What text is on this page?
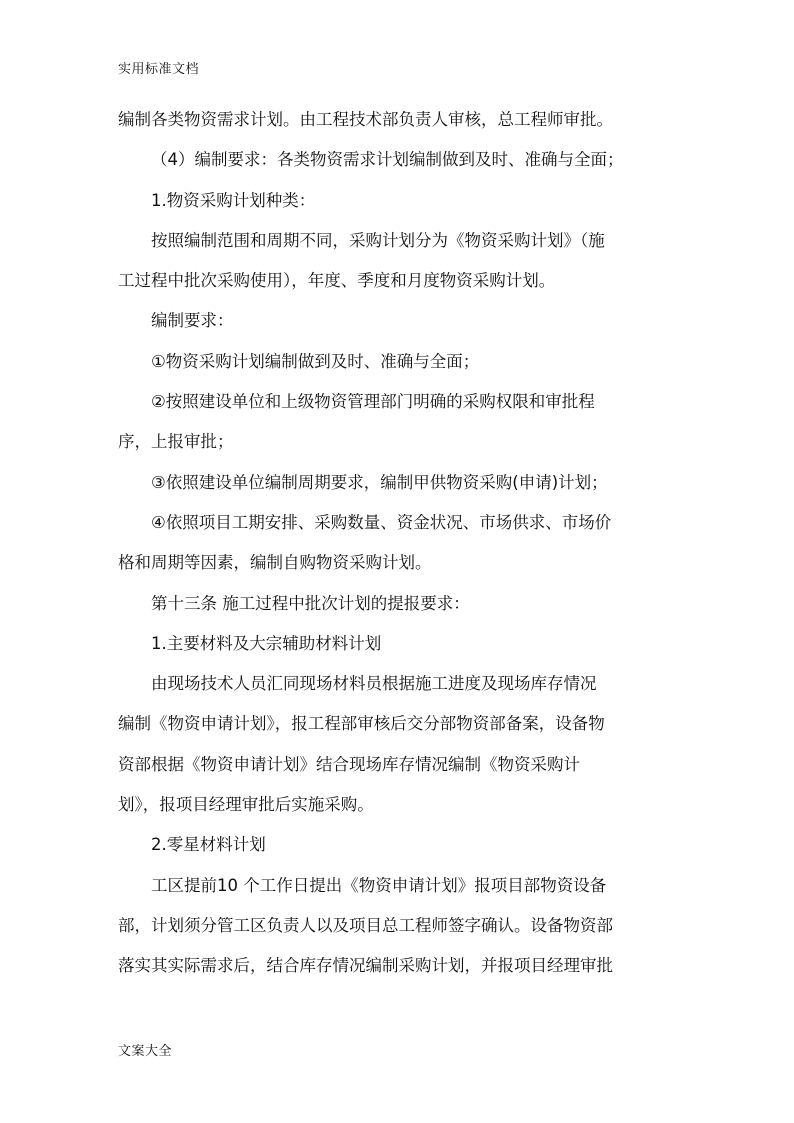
实用标准文档
编制各类物资需求计划。由工程技术部负责人审核，总工程师审批。
（4）编制要求：各类物资需求计划编制做到及时、准确与全面；
1.物资采购计划种类：
按照编制范围和周期不同，采购计划分为《物资采购计划》（施
工过程中批次采购使用），年度、季度和月度物资采购计划。
编制要求：
①物资采购计划编制做到及时、准确与全面；
②按照建设单位和上级物资管理部门明确的采购权限和审批程
序，上报审批；
③依照建设单位编制周期要求，编制甲供物资采购(申请)计划；
④依照项目工期安排、采购数量、资金状况、市场供求、市场价
格和周期等因素，编制自购物资采购计划。
第十三条 施工过程中批次计划的提报要求：
1.主要材料及大宗辅助材料计划
由现场技术人员汇同现场材料员根据施工进度及现场库存情况
编制《物资申请计划》，报工程部审核后交分部物资部备案，设备物
资部根据《物资申请计划》结合现场库存情况编制《物资采购计
划》，报项目经理审批后实施采购。
2.零星材料计划
工区提前10 个工作日提出《物资申请计划》报项目部物资设备
部，计划须分管工区负责人以及项目总工程师签字确认。设备物资部
落实其实际需求后，结合库存情况编制采购计划，并报项目经理审批
文案大全
